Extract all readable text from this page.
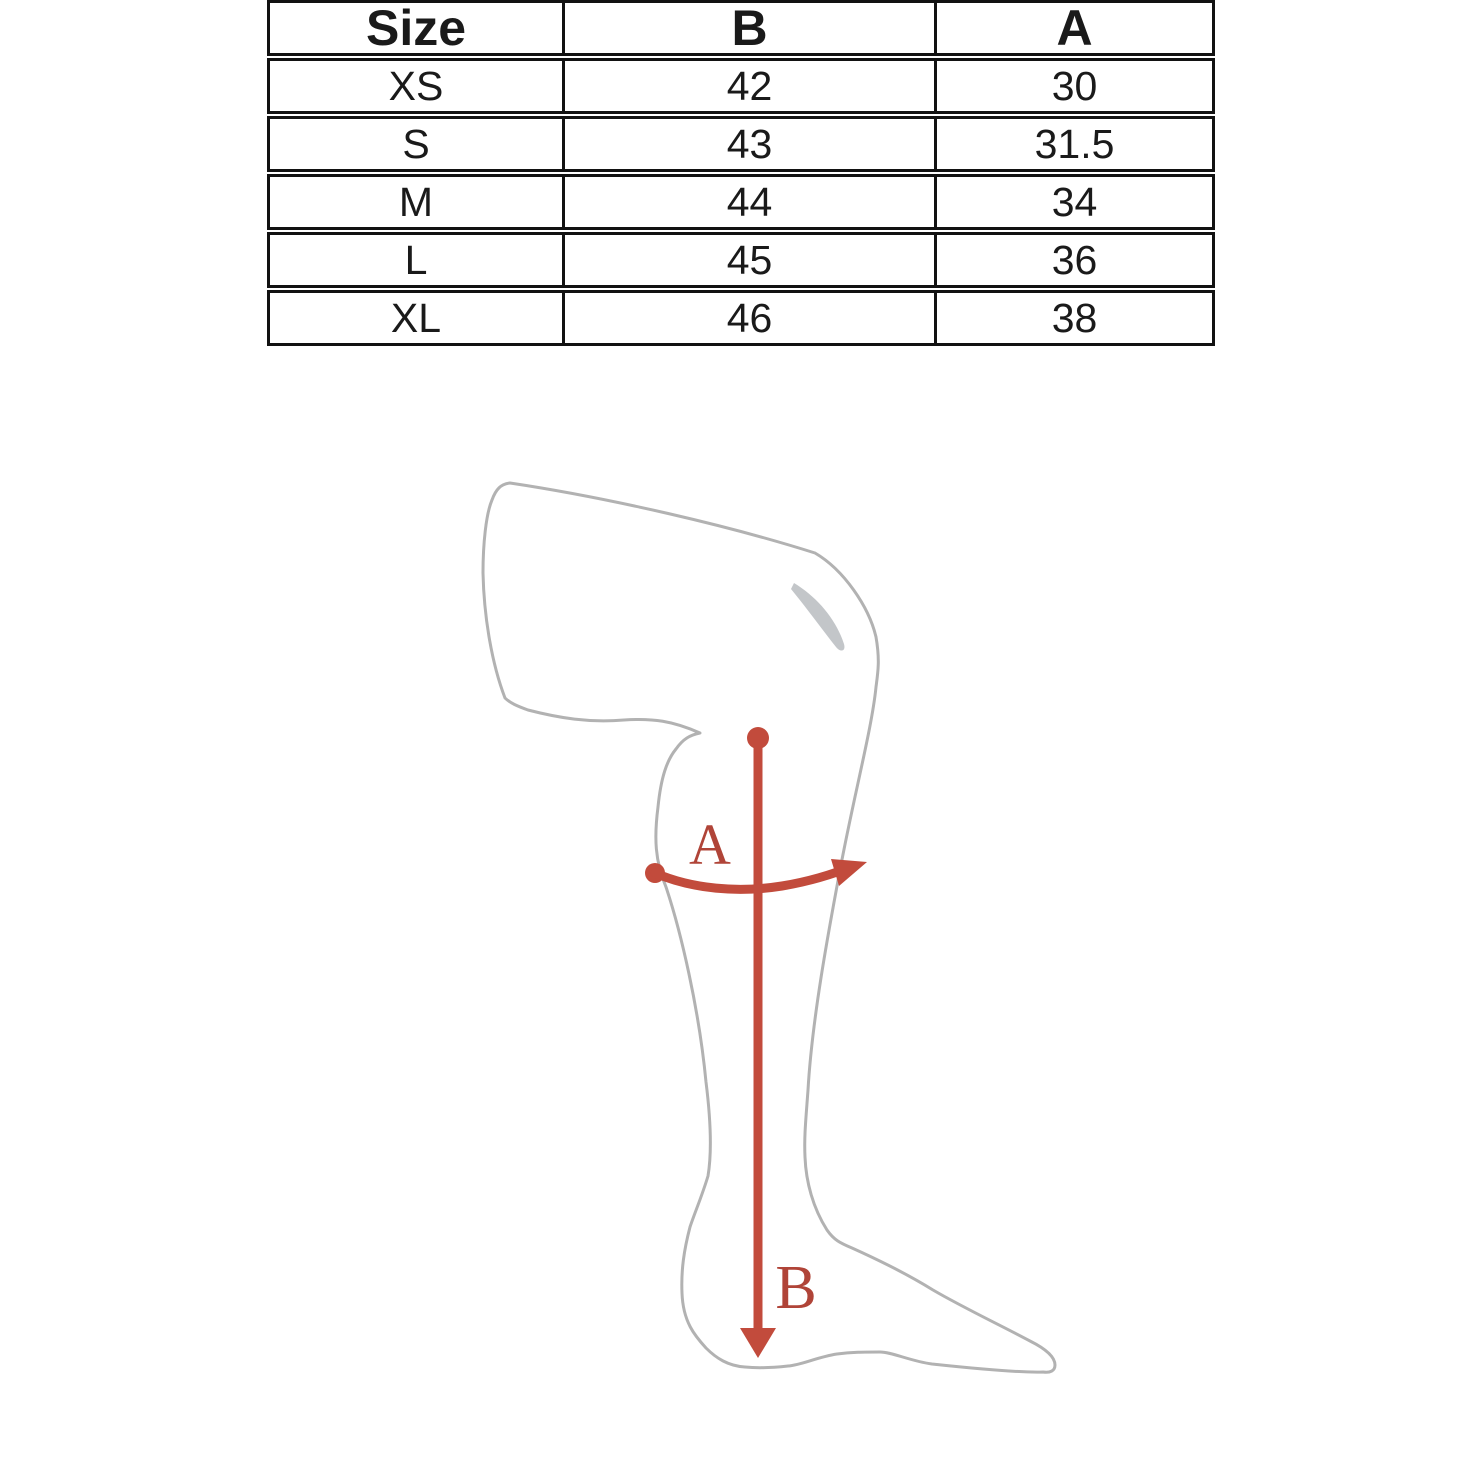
Size	B	A
XS	42	30
S	43	31.5
M	44	34
L	45	36
XL	46	38
A
B
